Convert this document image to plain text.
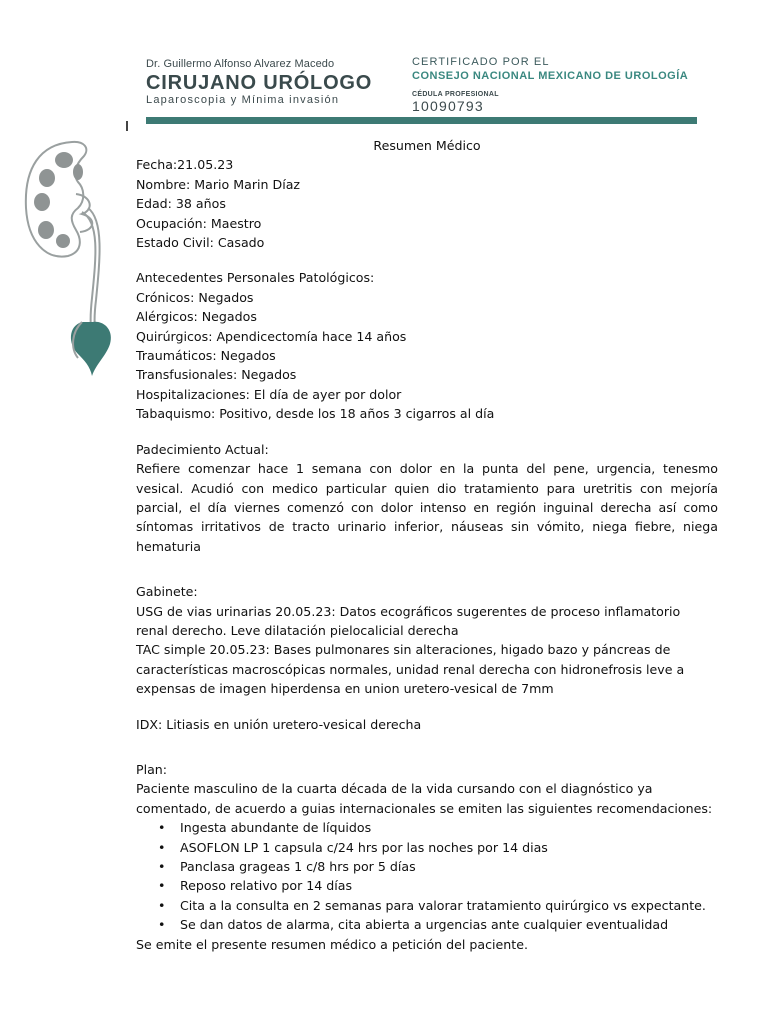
Dr. Guillermo Alfonso Alvarez Macedo
CIRUJANO URÓLOGO
Laparoscopia y Mínima invasión
CERTIFICADO POR EL
CONSEJO NACIONAL MEXICANO DE UROLOGÍA
CÉDULA PROFESIONAL
10090793
Resumen Médico
Fecha:21.05.23
Nombre: Mario Marin Díaz
Edad: 38 años
Ocupación: Maestro
Estado Civil: Casado
Antecedentes Personales Patológicos:
Crónicos: Negados
Alérgicos: Negados
Quirúrgicos: Apendicectomía hace 14 años
Traumáticos: Negados
Transfusionales: Negados
Hospitalizaciones: El día de ayer por dolor
Tabaquismo: Positivo, desde los 18 años 3 cigarros al día
Padecimiento Actual:
Refiere comenzar hace 1 semana con dolor en la punta del pene, urgencia, tenesmo vesical. Acudió con medico particular quien dio tratamiento para uretritis con mejoría parcial, el día viernes comenzó con dolor intenso en región inguinal derecha así como síntomas irritativos de tracto urinario inferior, náuseas sin vómito, niega fiebre, niega hematuria
Gabinete:
USG de vias urinarias 20.05.23: Datos ecográficos sugerentes de proceso inflamatorio
renal derecho. Leve dilatación pielocalicial derecha
TAC simple 20.05.23: Bases pulmonares sin alteraciones, higado bazo y páncreas de
características macroscópicas normales, unidad renal derecha con hidronefrosis leve a
expensas de imagen hiperdensa en union uretero-vesical de 7mm
IDX: Litiasis en unión uretero-vesical derecha
Plan:
Paciente masculino de la cuarta década de la vida cursando con el diagnóstico ya
comentado, de acuerdo a guias internacionales se emiten las siguientes recomendaciones:
• Ingesta abundante de líquidos
• ASOFLON LP 1 capsula c/24 hrs por las noches por 14 dias
• Panclasa grageas 1 c/8 hrs por 5 días
• Reposo relativo por 14 días
• Cita a la consulta en 2 semanas para valorar tratamiento quirúrgico vs expectante.
• Se dan datos de alarma, cita abierta a urgencias ante cualquier eventualidad
Se emite el presente resumen médico a petición del paciente.
